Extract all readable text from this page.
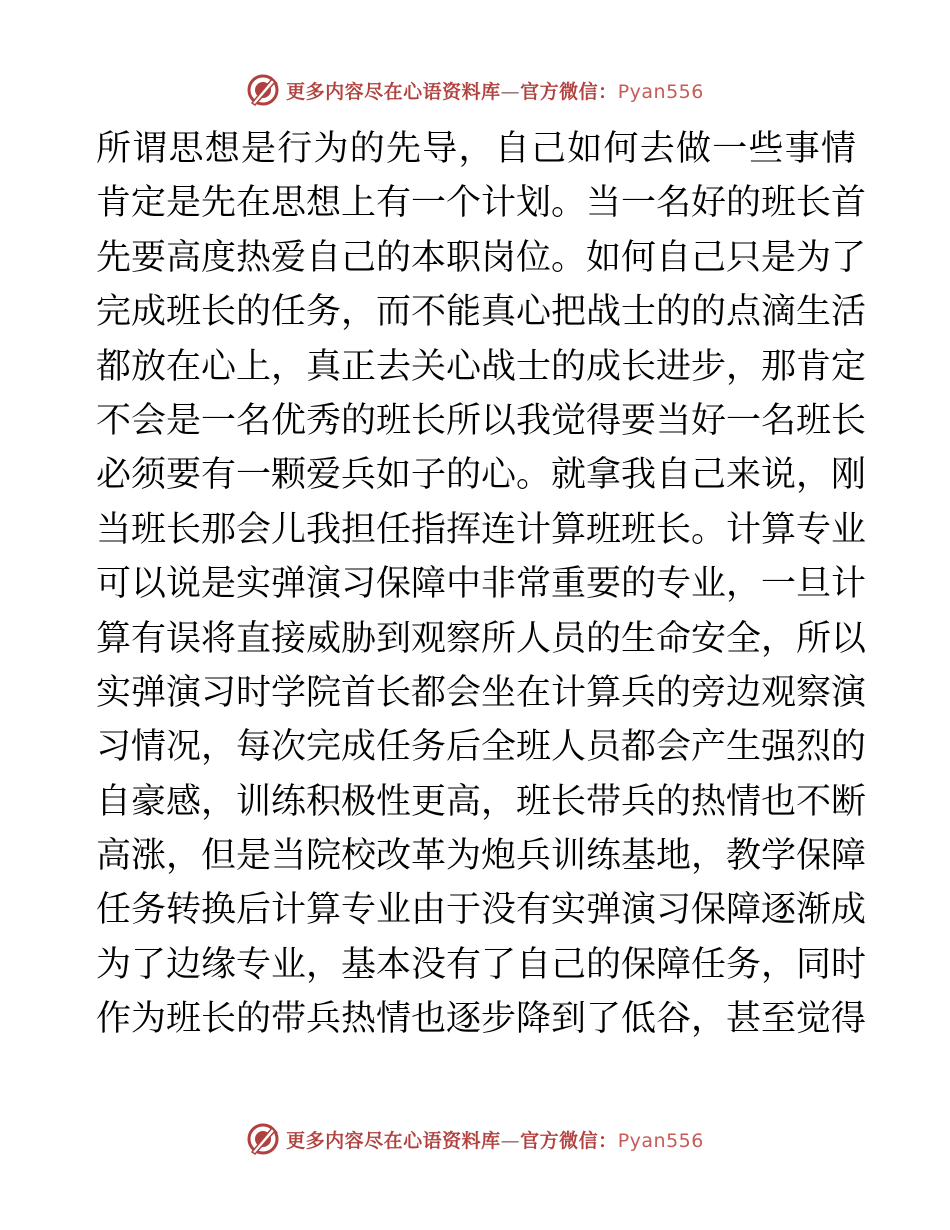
更多内容尽在心语资料库—官方微信：Pyan556
所谓思想是行为的先导，自己如何去做一些事情
肯定是先在思想上有一个计划。当一名好的班长首
先要高度热爱自己的本职岗位。如何自己只是为了
完成班长的任务，而不能真心把战士的的点滴生活
都放在心上，真正去关心战士的成长进步，那肯定
不会是一名优秀的班长所以我觉得要当好一名班长
必须要有一颗爱兵如子的心。就拿我自己来说，刚
当班长那会儿我担任指挥连计算班班长。计算专业
可以说是实弹演习保障中非常重要的专业，一旦计
算有误将直接威胁到观察所人员的生命安全，所以
实弹演习时学院首长都会坐在计算兵的旁边观察演
习情况，每次完成任务后全班人员都会产生强烈的
自豪感，训练积极性更高，班长带兵的热情也不断
高涨，但是当院校改革为炮兵训练基地，教学保障
任务转换后计算专业由于没有实弹演习保障逐渐成
为了边缘专业，基本没有了自己的保障任务，同时
作为班长的带兵热情也逐步降到了低谷，甚至觉得
更多内容尽在心语资料库—官方微信：Pyan556
